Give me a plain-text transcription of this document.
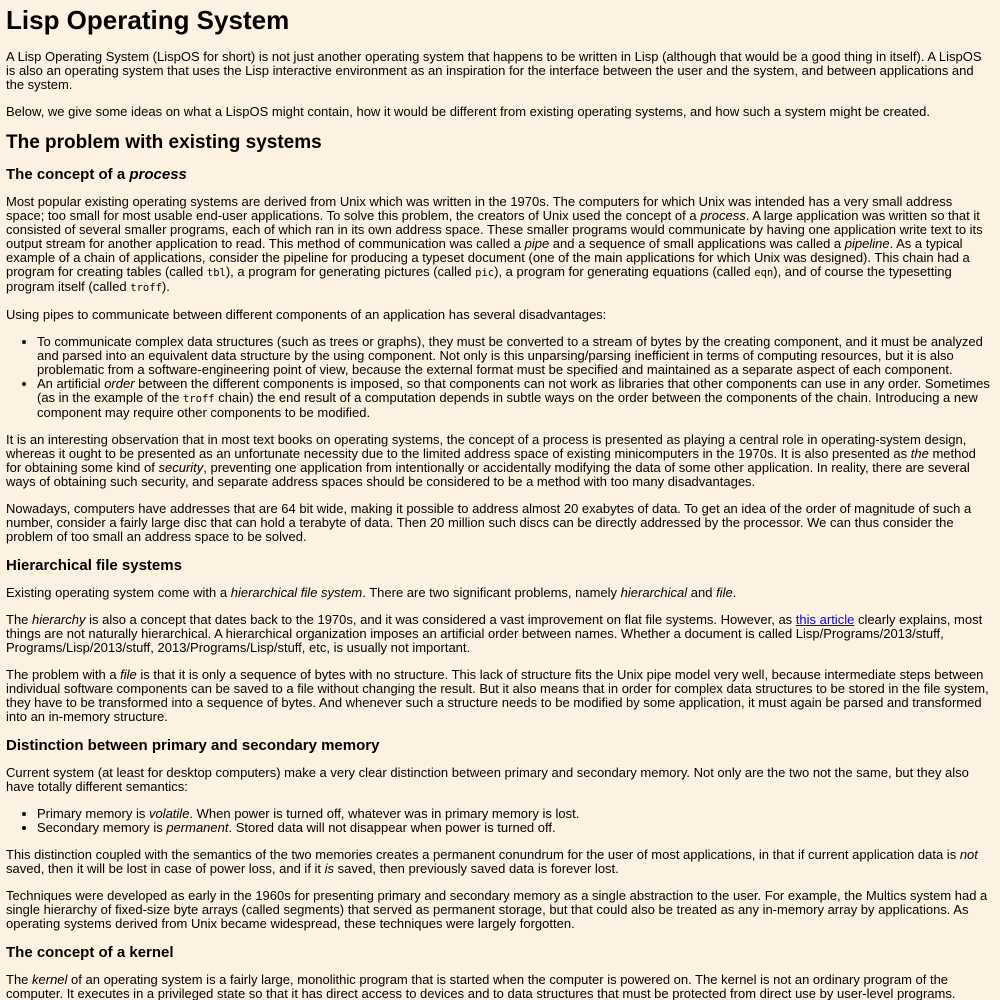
Lisp Operating System

A Lisp Operating System (LispOS for short) is not just another operating system that happens to be written in Lisp (although that would be a good thing in itself). A LispOS is also an operating system that uses the Lisp interactive environment as an inspiration for the interface between the user and the system, and between applications and the system.

Below, we give some ideas on what a LispOS might contain, how it would be different from existing operating systems, and how such a system might be created.

The problem with existing systems
The concept of a process

Most popular existing operating systems are derived from Unix which was written in the 1970s. The computers for which Unix was intended has a very small address space; too small for most usable end-user applications. To solve this problem, the creators of Unix used the concept of a process. A large application was written so that it consisted of several smaller programs, each of which ran in its own address space. These smaller programs would communicate by having one application write text to its output stream for another application to read. This method of communication was called a pipe and a sequence of small applications was called a pipeline. As a typical example of a chain of applications, consider the pipeline for producing a typeset document (one of the main applications for which Unix was designed). This chain had a program for creating tables (called tbl), a program for generating pictures (called pic), a program for generating equations (called eqn), and of course the typesetting program itself (called troff).

Using pipes to communicate between different components of an application has several disadvantages:

• To communicate complex data structures (such as trees or graphs), they must be converted to a stream of bytes by the creating component, and it must be analyzed and parsed into an equivalent data structure by the using component. Not only is this unparsing/parsing inefficient in terms of computing resources, but it is also problematic from a software-engineering point of view, because the external format must be specified and maintained as a separate aspect of each component.
• An artificial order between the different components is imposed, so that components can not work as libraries that other components can use in any order. Sometimes (as in the example of the troff chain) the end result of a computation depends in subtle ways on the order between the components of the chain. Introducing a new component may require other components to be modified.

It is an interesting observation that in most text books on operating systems, the concept of a process is presented as playing a central role in operating-system design, whereas it ought to be presented as an unfortunate necessity due to the limited address space of existing minicomputers in the 1970s. It is also presented as the method for obtaining some kind of security, preventing one application from intentionally or accidentally modifying the data of some other application. In reality, there are several ways of obtaining such security, and separate address spaces should be considered to be a method with too many disadvantages.

Nowadays, computers have addresses that are 64 bit wide, making it possible to address almost 20 exabytes of data. To get an idea of the order of magnitude of such a number, consider a fairly large disc that can hold a terabyte of data. Then 20 million such discs can be directly addressed by the processor. We can thus consider the problem of too small an address space to be solved.

Hierarchical file systems

Existing operating system come with a hierarchical file system. There are two significant problems, namely hierarchical and file.

The hierarchy is also a concept that dates back to the 1970s, and it was considered a vast improvement on flat file systems. However, as this article clearly explains, most things are not naturally hierarchical. A hierarchical organization imposes an artificial order between names. Whether a document is called Lisp/Programs/2013/stuff, Programs/Lisp/2013/stuff, 2013/Programs/Lisp/stuff, etc, is usually not important.

The problem with a file is that it is only a sequence of bytes with no structure. This lack of structure fits the Unix pipe model very well, because intermediate steps between individual software components can be saved to a file without changing the result. But it also means that in order for complex data structures to be stored in the file system, they have to be transformed into a sequence of bytes. And whenever such a structure needs to be modified by some application, it must again be parsed and transformed into an in-memory structure.

Distinction between primary and secondary memory

Current system (at least for desktop computers) make a very clear distinction between primary and secondary memory. Not only are the two not the same, but they also have totally different semantics:

• Primary memory is volatile. When power is turned off, whatever was in primary memory is lost.
• Secondary memory is permanent. Stored data will not disappear when power is turned off.

This distinction coupled with the semantics of the two memories creates a permanent conundrum for the user of most applications, in that if current application data is not saved, then it will be lost in case of power loss, and if it is saved, then previously saved data is forever lost.

Techniques were developed as early in the 1960s for presenting primary and secondary memory as a single abstraction to the user. For example, the Multics system had a single hierarchy of fixed-size byte arrays (called segments) that served as permanent storage, but that could also be treated as any in-memory array by applications. As operating systems derived from Unix became widespread, these techniques were largely forgotten.

The concept of a kernel

The kernel of an operating system is a fairly large, monolithic program that is started when the computer is powered on. The kernel is not an ordinary program of the computer. It executes in a privileged state so that it has direct access to devices and to data structures that must be protected from direct use by user-level programs.
